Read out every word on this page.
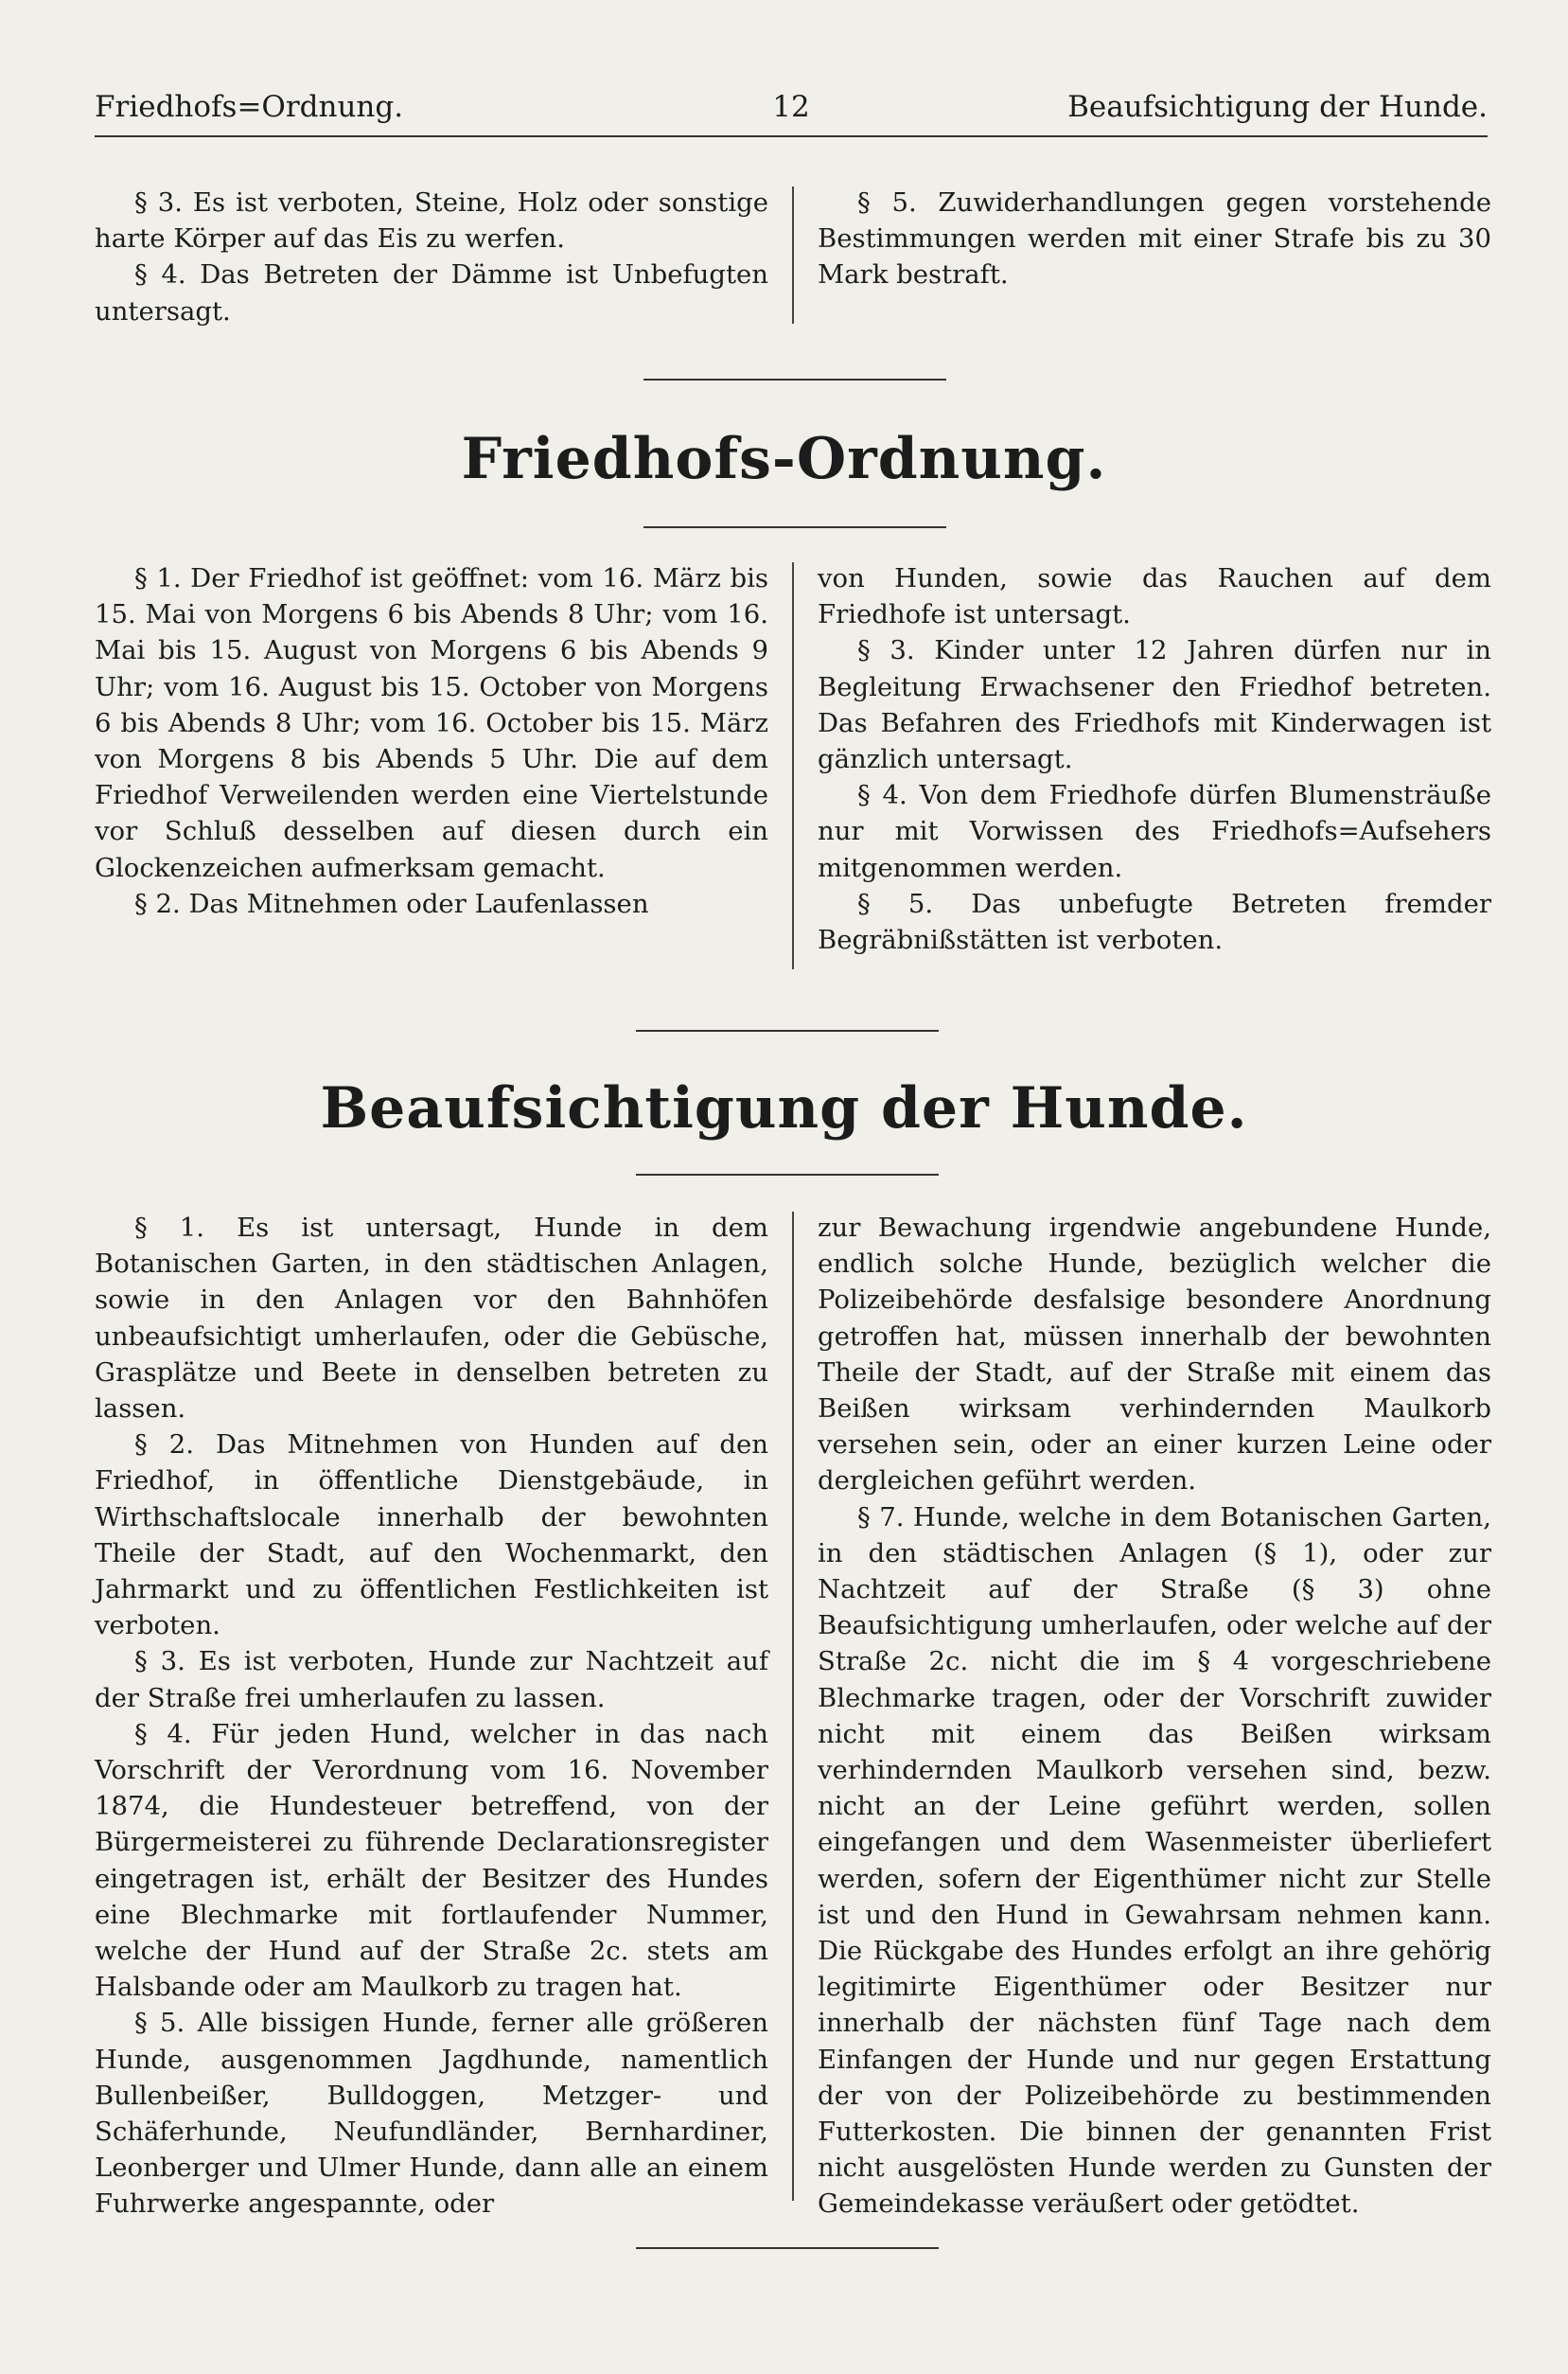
Friedhofs=Ordnung.	12	Beaufsichtigung der Hunde.

§ 3. Es ist verboten, Steine, Holz oder sonstige harte Körper auf das Eis zu werfen.

§ 4. Das Betreten der Dämme ist Unbefugten untersagt.

§ 5. Zuwiderhandlungen gegen vorstehende Bestimmungen werden mit einer Strafe bis zu 30 Mark bestraft.

Friedhofs-Ordnung.

§ 1. Der Friedhof ist geöffnet: vom 16. März bis 15. Mai von Morgens 6 bis Abends 8 Uhr; vom 16. Mai bis 15. August von Morgens 6 bis Abends 9 Uhr; vom 16. August bis 15. October von Morgens 6 bis Abends 8 Uhr; vom 16. October bis 15. März von Morgens 8 bis Abends 5 Uhr. Die auf dem Friedhof Verweilenden werden eine Viertelstunde vor Schluß desselben auf diesen durch ein Glockenzeichen aufmerksam gemacht.

§ 2. Das Mitnehmen oder Laufenlassen

von Hunden, sowie das Rauchen auf dem Friedhofe ist untersagt.

§ 3. Kinder unter 12 Jahren dürfen nur in Begleitung Erwachsener den Friedhof betreten. Das Befahren des Friedhofs mit Kinderwagen ist gänzlich untersagt.

§ 4. Von dem Friedhofe dürfen Blumensträuße nur mit Vorwissen des Friedhofs=Aufsehers mitgenommen werden.

§ 5. Das unbefugte Betreten fremder Begräbnißstätten ist verboten.

Beaufsichtigung der Hunde.

§ 1. Es ist untersagt, Hunde in dem Botanischen Garten, in den städtischen Anlagen, sowie in den Anlagen vor den Bahnhöfen unbeaufsichtigt umherlaufen, oder die Gebüsche, Grasplätze und Beete in denselben betreten zu lassen.

§ 2. Das Mitnehmen von Hunden auf den Friedhof, in öffentliche Dienstgebäude, in Wirthschaftslocale innerhalb der bewohnten Theile der Stadt, auf den Wochenmarkt, den Jahrmarkt und zu öffentlichen Festlichkeiten ist verboten.

§ 3. Es ist verboten, Hunde zur Nachtzeit auf der Straße frei umherlaufen zu lassen.

§ 4. Für jeden Hund, welcher in das nach Vorschrift der Verordnung vom 16. November 1874, die Hundesteuer betreffend, von der Bürgermeisterei zu führende Declarationsregister eingetragen ist, erhält der Besitzer des Hundes eine Blechmarke mit fortlaufender Nummer, welche der Hund auf der Straße 2c. stets am Halsbande oder am Maulkorb zu tragen hat.

§ 5. Alle bissigen Hunde, ferner alle größeren Hunde, ausgenommen Jagdhunde, namentlich Bullenbeißer, Bulldoggen, Metzger- und Schäferhunde, Neufundländer, Bernhardiner, Leonberger und Ulmer Hunde, dann alle an einem Fuhrwerke angespannte, oder

zur Bewachung irgendwie angebundene Hunde, endlich solche Hunde, bezüglich welcher die Polizeibehörde desfalsige besondere Anordnung getroffen hat, müssen innerhalb der bewohnten Theile der Stadt, auf der Straße mit einem das Beißen wirksam verhindernden Maulkorb versehen sein, oder an einer kurzen Leine oder dergleichen geführt werden.

§ 7. Hunde, welche in dem Botanischen Garten, in den städtischen Anlagen (§ 1), oder zur Nachtzeit auf der Straße (§ 3) ohne Beaufsichtigung umherlaufen, oder welche auf der Straße 2c. nicht die im § 4 vorgeschriebene Blechmarke tragen, oder der Vorschrift zuwider nicht mit einem das Beißen wirksam verhindernden Maulkorb versehen sind, bezw. nicht an der Leine geführt werden, sollen eingefangen und dem Wasenmeister überliefert werden, sofern der Eigenthümer nicht zur Stelle ist und den Hund in Gewahrsam nehmen kann. Die Rückgabe des Hundes erfolgt an ihre gehörig legitimirte Eigenthümer oder Besitzer nur innerhalb der nächsten fünf Tage nach dem Einfangen der Hunde und nur gegen Erstattung der von der Polizeibehörde zu bestimmenden Futterkosten. Die binnen der genannten Frist nicht ausgelösten Hunde werden zu Gunsten der Gemeindekasse veräußert oder getödtet.
